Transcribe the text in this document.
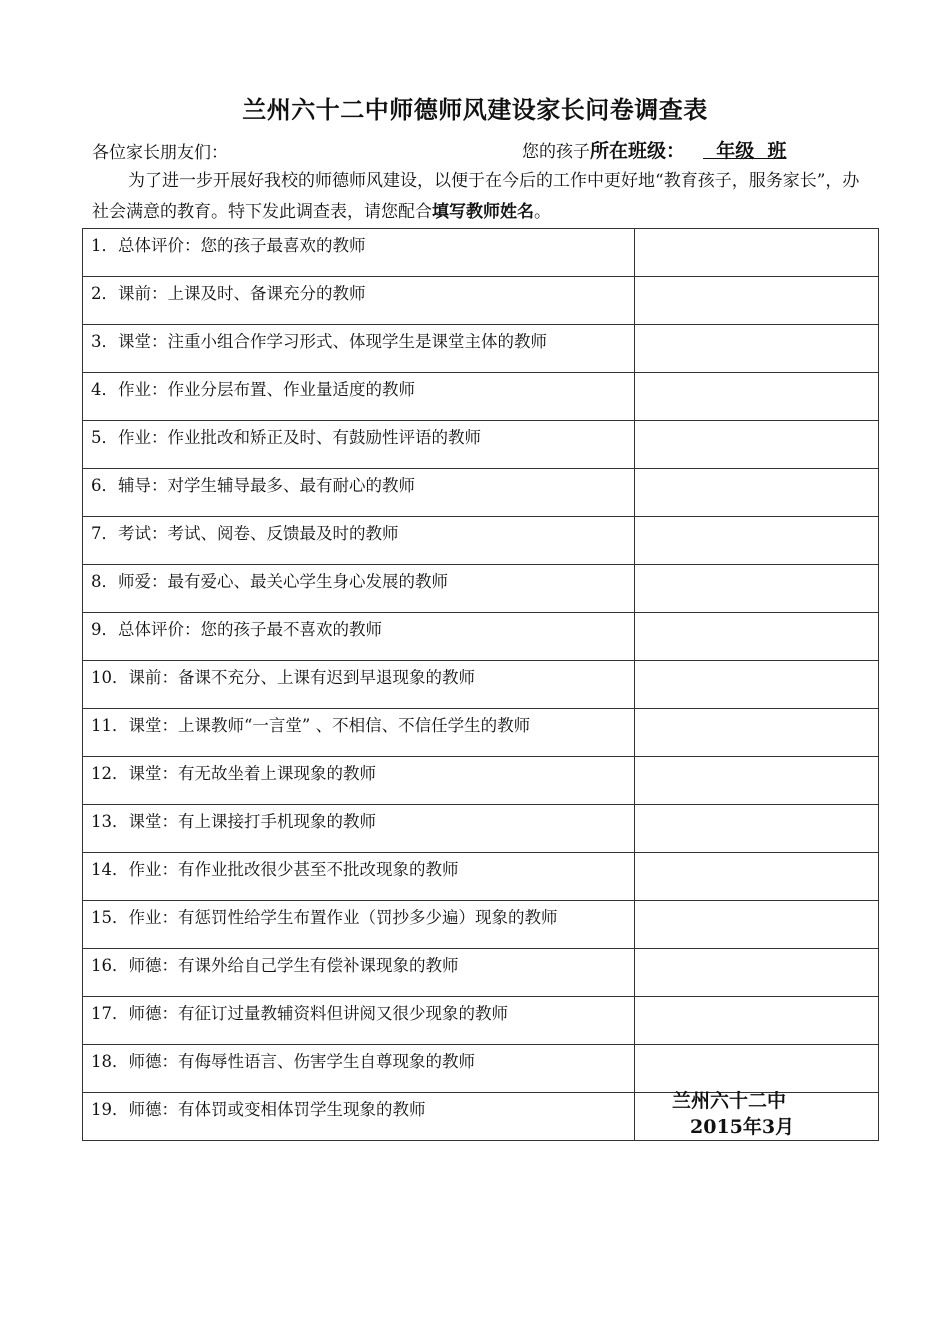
兰州六十二中师德师风建设家长问卷调查表
各位家长朋友们：	您的孩子所在班级：  年级  班
为了进一步开展好我校的师德师风建设，以便于在今后的工作中更好地“教育孩子，服务家长”，办社会满意的教育。特下发此调查表，请您配合填写教师姓名。
1．总体评价：您的孩子最喜欢的教师	
2．课前：上课及时、备课充分的教师	
3．课堂：注重小组合作学习形式、体现学生是课堂主体的教师	
4．作业：作业分层布置、作业量适度的教师	
5．作业：作业批改和矫正及时、有鼓励性评语的教师	
6．辅导：对学生辅导最多、最有耐心的教师	
7．考试：考试、阅卷、反馈最及时的教师	
8．师爱：最有爱心、最关心学生身心发展的教师	
9．总体评价：您的孩子最不喜欢的教师	
10．课前：备课不充分、上课有迟到早退现象的教师	
11．课堂：上课教师“一言堂” 、不相信、不信任学生的教师	
12．课堂：有无故坐着上课现象的教师	
13．课堂：有上课接打手机现象的教师	
14．作业：有作业批改很少甚至不批改现象的教师	
15．作业：有惩罚性给学生布置作业（罚抄多少遍）现象的教师	
16．师德：有课外给自己学生有偿补课现象的教师	
17．师德：有征订过量教辅资料但讲阅又很少现象的教师	
18．师德：有侮辱性语言、伤害学生自尊现象的教师	
19．师德：有体罚或变相体罚学生现象的教师		兰州六十二中
2015年3月
